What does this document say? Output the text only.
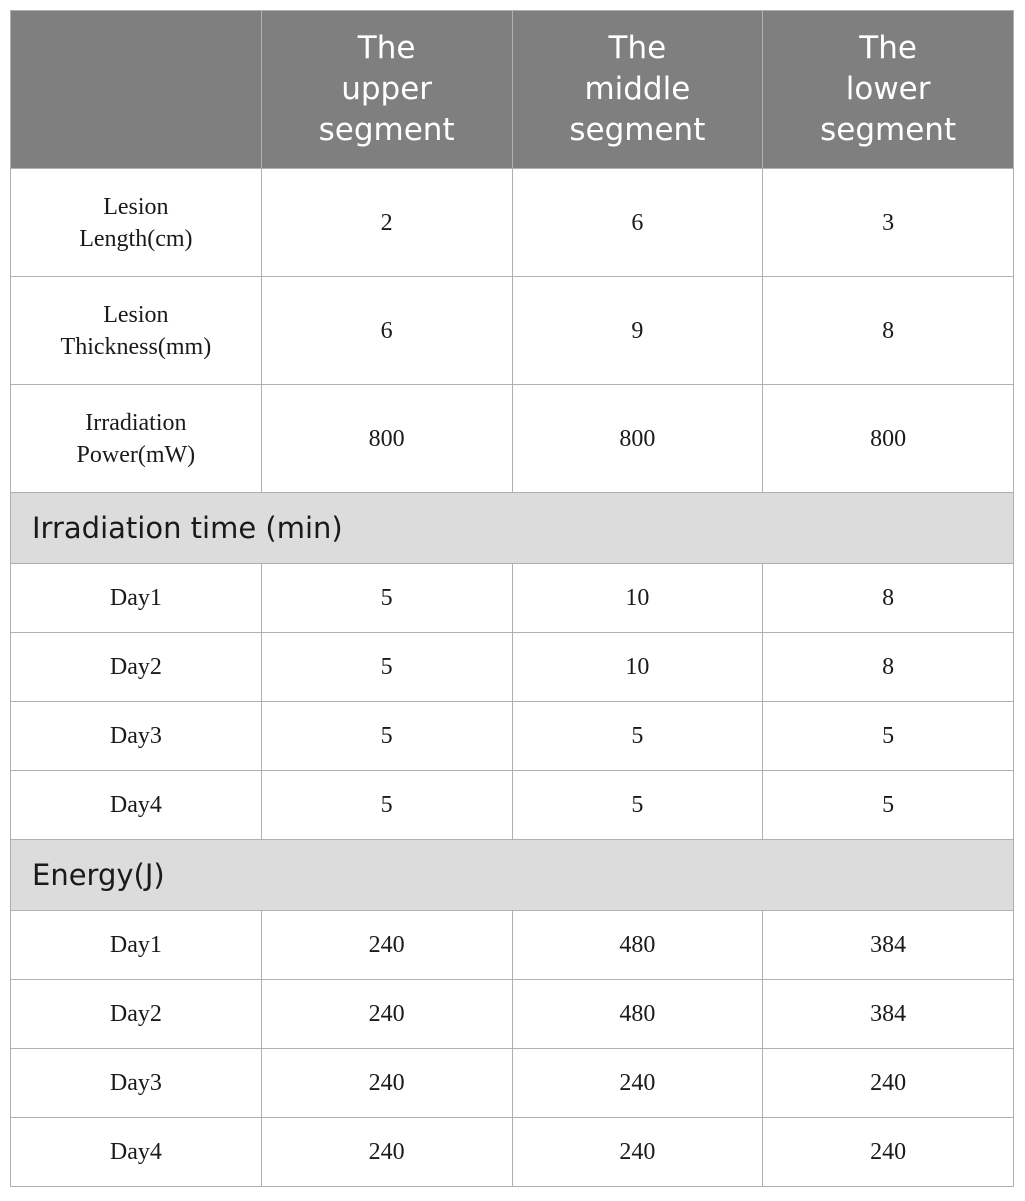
	The
upper
segment	The
middle
segment	The
lower
segment
Lesion
Length(cm)	2	6	3
Lesion
Thickness(mm)	6	9	8
Irradiation
Power(mW)	800	800	800
Irradiation time (min)			
Day1	5	10	8
Day2	5	10	8
Day3	5	5	5
Day4	5	5	5
Energy(J)			
Day1	240	480	384
Day2	240	480	384
Day3	240	240	240
Day4	240	240	240
